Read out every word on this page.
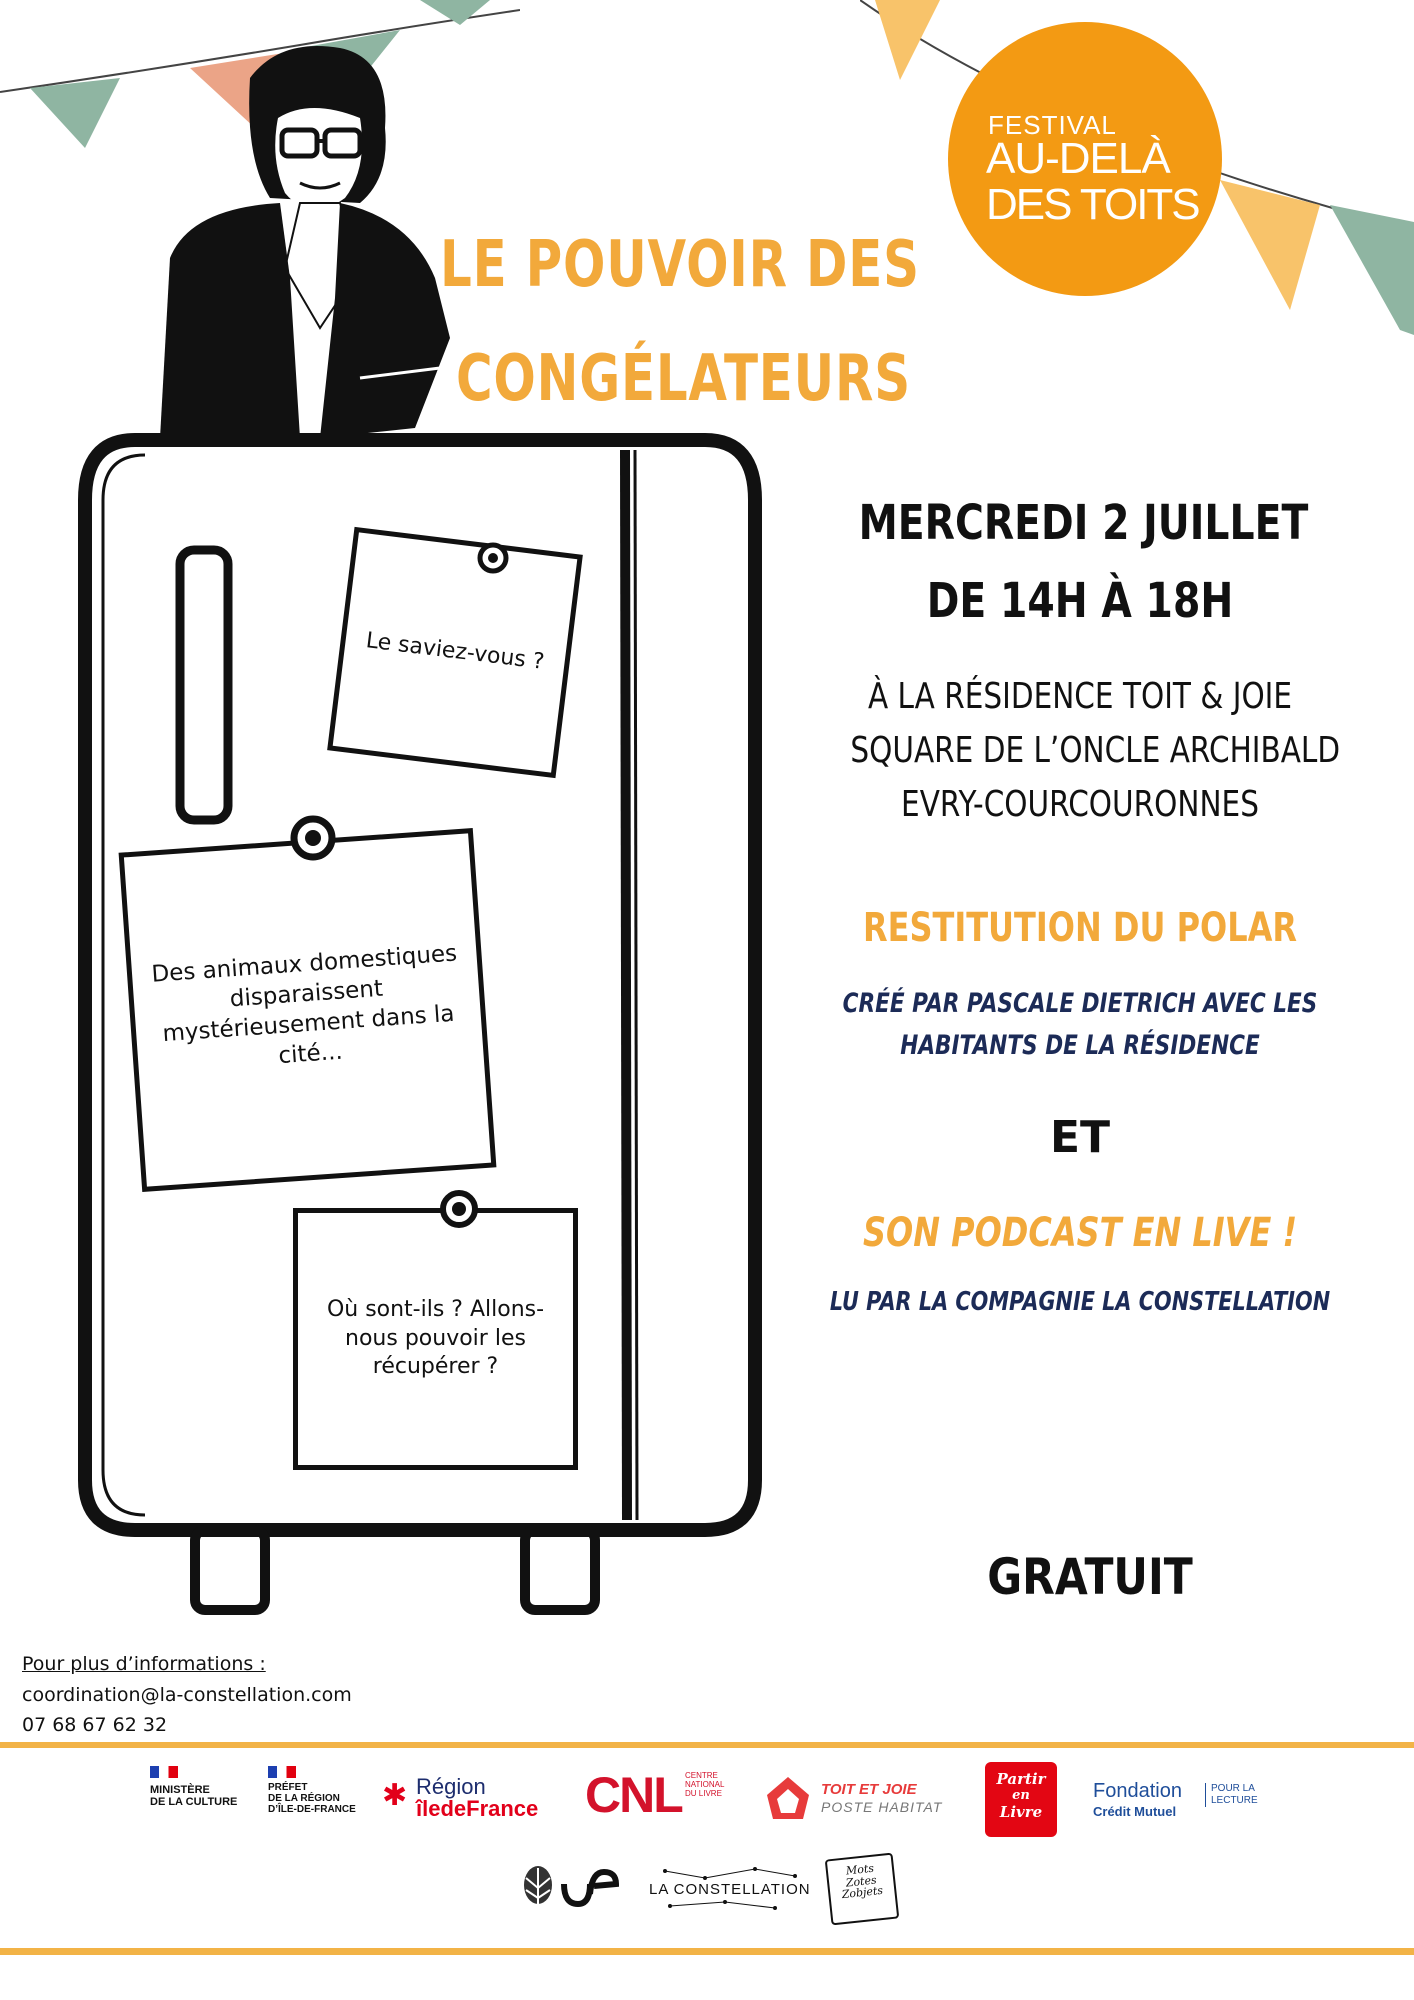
FESTIVAL
AU-DELÀ
DES TOITS
LE POUVOIR DES
CONGÉLATEURS
Le saviez-vous ?
Des animaux domestiques disparaissent mystérieusement dans la cité...
Où sont-ils ? Allons-nous pouvoir les récupérer ?
MERCREDI 2 JUILLET
DE 14H À 18H
À LA RÉSIDENCE TOIT & JOIE
SQUARE DE L’ONCLE ARCHIBALD
EVRY-COURCOURONNES
RESTITUTION DU POLAR
CRÉÉ PAR PASCALE DIETRICH AVEC LES
HABITANTS DE LA RÉSIDENCE
ET
SON PODCAST EN LIVE !
LU PAR LA COMPAGNIE LA CONSTELLATION
GRATUIT
Pour plus d’informations :
coordination@la-constellation.com
07 68 67 62 32
MINISTÈRE
DE LA CULTURE
PRÉFET
DE LA RÉGION
D’ÎLE-DE-FRANCE ✱ Région
îledeFrance CNL CENTRE NATIONAL DU LIVRE	TOIT ET JOIE
POSTE HABITAT
Partir
en
Livre
Fondation
Crédit Mutuel
POUR LA LECTURE
LA CONSTELLATION
Mots Zotes Zobjets
